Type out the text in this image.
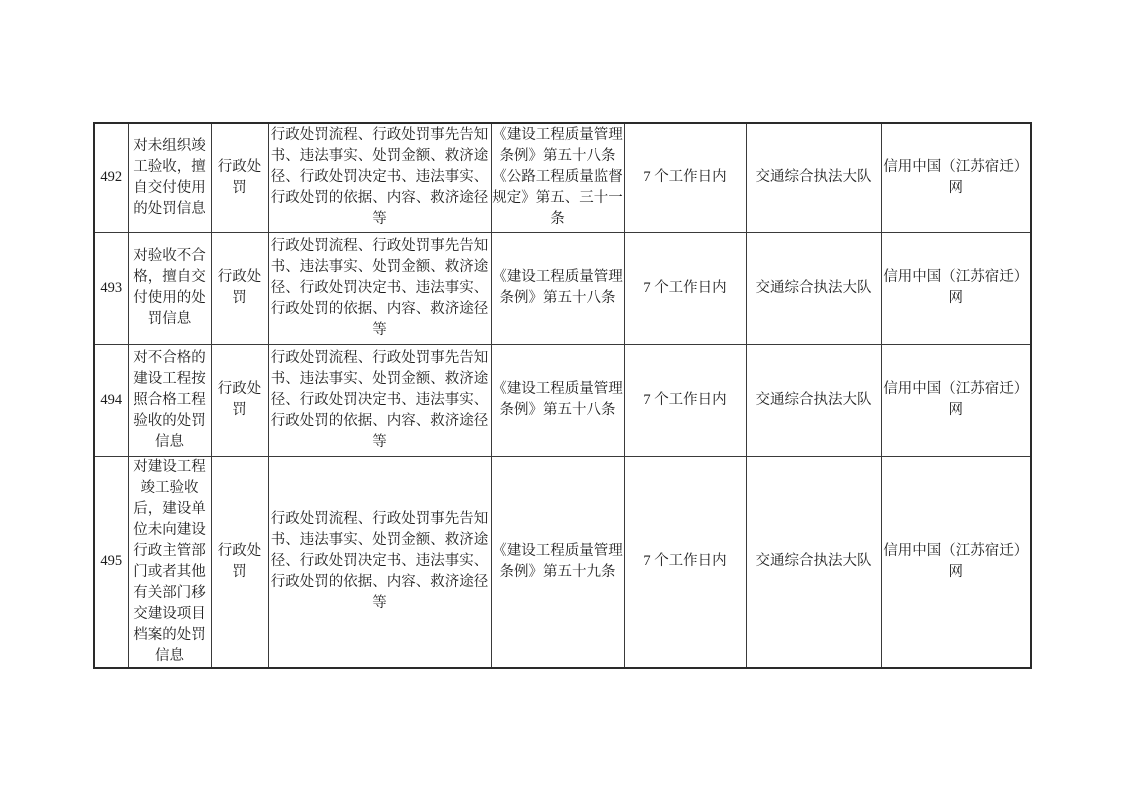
492	对未组织竣工验收，擅自交付使用的处罚信息	行政处罚	行政处罚流程、行政处罚事先告知书、违法事实、处罚金额、救济途径、行政处罚决定书、违法事实、行政处罚的依据、内容、救济途径等	《建设工程质量管理条例》第五十八条《公路工程质量监督规定》第五、三十一条	7 个工作日内	交通综合执法大队	信用中国（江苏宿迁）网
493	对验收不合格，擅自交付使用的处罚信息	行政处罚	行政处罚流程、行政处罚事先告知书、违法事实、处罚金额、救济途径、行政处罚决定书、违法事实、行政处罚的依据、内容、救济途径等	《建设工程质量管理条例》第五十八条	7 个工作日内	交通综合执法大队	信用中国（江苏宿迁）网
494	对不合格的建设工程按照合格工程验收的处罚信息	行政处罚	行政处罚流程、行政处罚事先告知书、违法事实、处罚金额、救济途径、行政处罚决定书、违法事实、行政处罚的依据、内容、救济途径等	《建设工程质量管理条例》第五十八条	7 个工作日内	交通综合执法大队	信用中国（江苏宿迁）网
495	对建设工程竣工验收后，建设单位未向建设行政主管部门或者其他有关部门移交建设项目档案的处罚信息	行政处罚	行政处罚流程、行政处罚事先告知书、违法事实、处罚金额、救济途径、行政处罚决定书、违法事实、行政处罚的依据、内容、救济途径等	《建设工程质量管理条例》第五十九条	7 个工作日内	交通综合执法大队	信用中国（江苏宿迁）网
